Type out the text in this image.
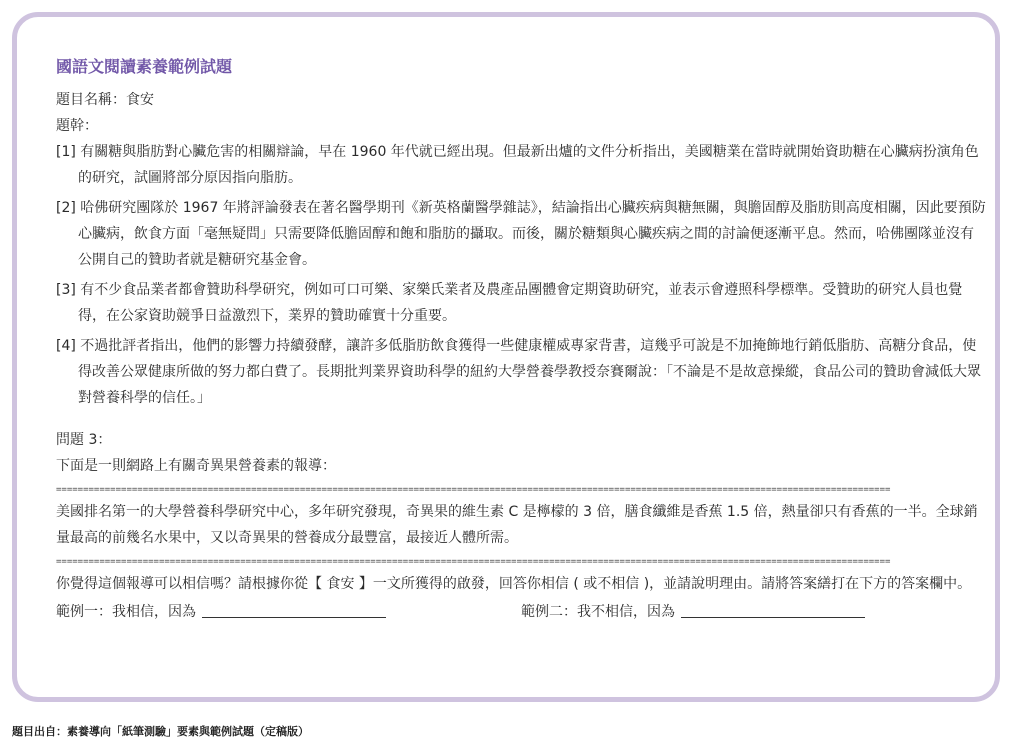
國語文閱讀素養範例試題
題目名稱：食安
題幹：
[1] 有關糖與脂肪對心臟危害的相關辯論，早在 1960 年代就已經出現。但最新出爐的文件分析指出，美國糖業在當時就開始資助糖在心臟病扮演角色的研究，試圖將部分原因指向脂肪。
[2] 哈佛研究團隊於 1967 年將評論發表在著名醫學期刊《新英格蘭醫學雜誌》，結論指出心臟疾病與糖無關，與膽固醇及脂肪則高度相關，因此要預防心臟病，飲食方面「毫無疑問」只需要降低膽固醇和飽和脂肪的攝取。而後，關於糖類與心臟疾病之間的討論便逐漸平息。然而，哈佛團隊並沒有公開自己的贊助者就是糖研究基金會。
[3] 有不少食品業者都會贊助科學研究，例如可口可樂、家樂氏業者及農產品團體會定期資助研究，並表示會遵照科學標準。受贊助的研究人員也覺得，在公家資助競爭日益激烈下，業界的贊助確實十分重要。
[4] 不過批評者指出，他們的影響力持續發酵，讓許多低脂肪飲食獲得一些健康權威專家背書，這幾乎可說是不加掩飾地行銷低脂肪、高糖分食品，使得改善公眾健康所做的努力都白費了。長期批判業界資助科學的紐約大學營養學教授奈賽爾說：「不論是不是故意操縱，食品公司的贊助會減低大眾對營養科學的信任。」
問題 3：
下面是一則網路上有關奇異果營養素的報導：
==========================================================================================================================================================
美國排名第一的大學營養科學研究中心，多年研究發現，奇異果的維生素 C 是檸檬的 3 倍，膳食纖維是香蕉 1.5 倍，熱量卻只有香蕉的一半。全球銷量最高的前幾名水果中，又以奇異果的營養成分最豐富，最接近人體所需。
==========================================================================================================================================================
你覺得這個報導可以相信嗎？請根據你從【 食安 】一文所獲得的啟發，回答你相信 ( 或不相信 )，並請說明理由。請將答案繕打在下方的答案欄中。
範例一：我相信，因為	範例二：我不相信，因為
題目出自：素養導向「紙筆測驗」要素與範例試題（定稿版）
